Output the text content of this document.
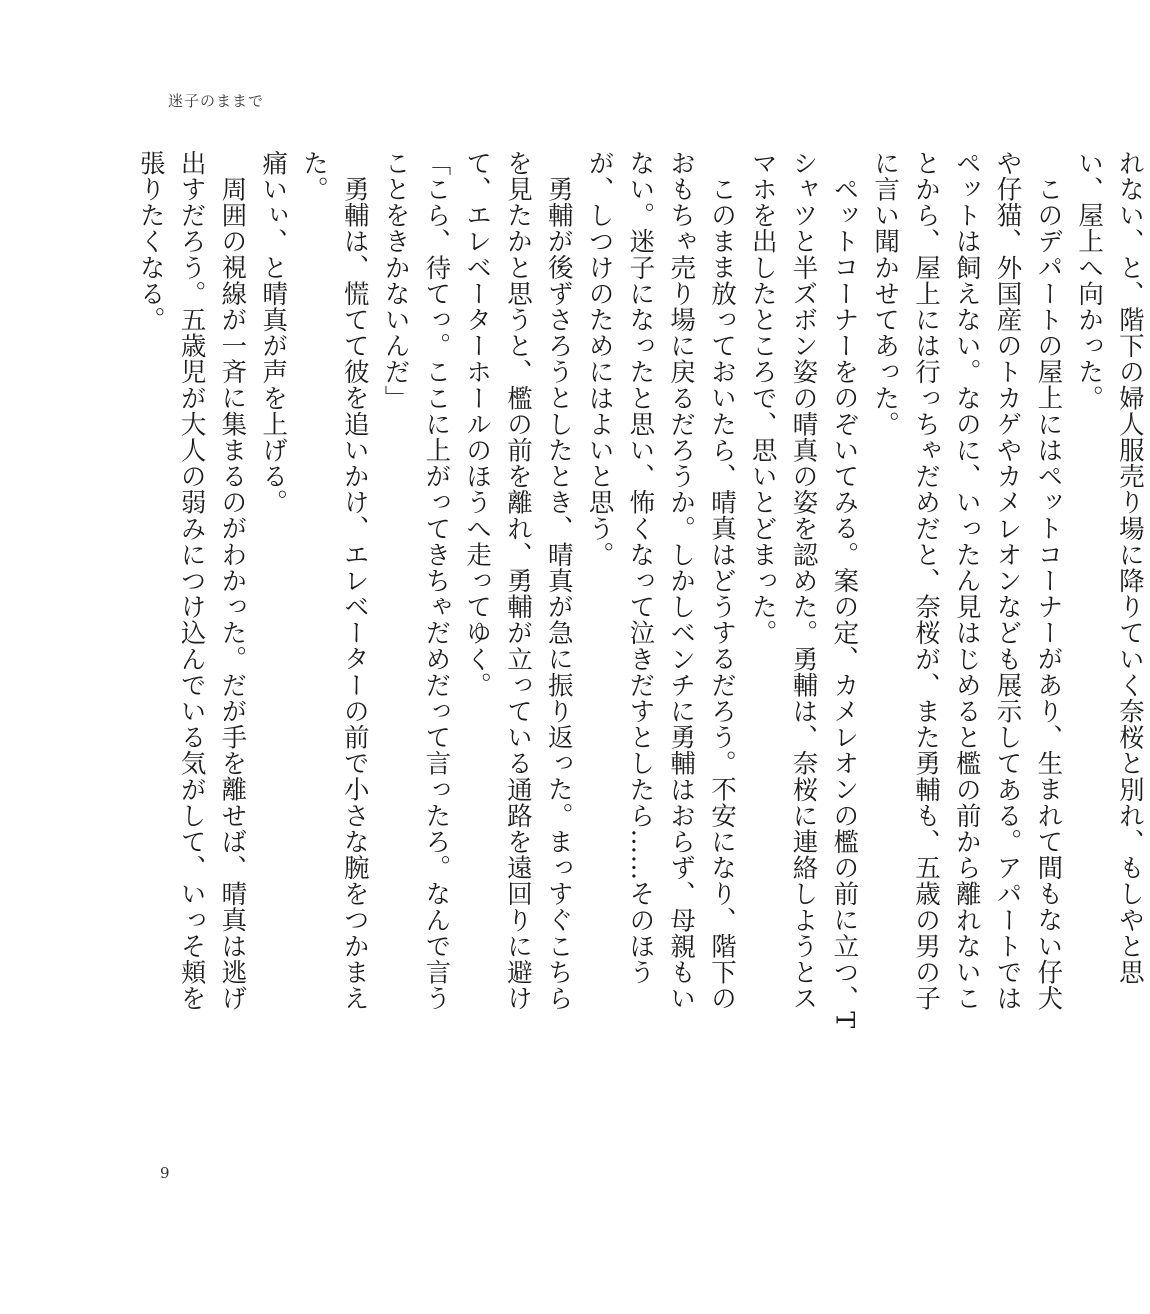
迷子のままで

れない、と、階下の婦人服売り場に降りていく奈桜と別れ、もしやと思い、屋上へ向かった。

このデパートの屋上にはペットコーナーがあり、生まれて間もない仔犬や仔猫、外国産のトカゲやカメレオンなども展示してある。アパートではペットは飼えない。なのに、いったん見はじめると檻の前から離れないことから、屋上には行っちゃだめだと、奈桜が、また勇輔も、五歳の男の子に言い聞かせてあった。

ペットコーナーをのぞいてみる。案の定、カメレオンの檻の前に立つ、Tシャツと半ズボン姿の晴真の姿を認めた。勇輔は、奈桜に連絡しようとスマホを出したところで、思いとどまった。

このまま放っておいたら、晴真はどうするだろう。不安になり、階下のおもちゃ売り場に戻るだろうか。しかしベンチに勇輔はおらず、母親もいない。迷子になったと思い、怖くなって泣きだすとしたら……そのほうが、しつけのためにはよいと思う。

勇輔が後ずさろうとしたとき、晴真が急に振り返った。まっすぐこちらを見たかと思うと、檻の前を離れ、勇輔が立っている通路を遠回りに避けて、エレベーターホールのほうへ走ってゆく。

「こら、待てっ。ここに上がってきちゃだめだって言ったろ。なんで言うことをきかないんだ」

勇輔は、慌てて彼を追いかけ、エレベーターの前で小さな腕をつかまえた。

痛いぃ、と晴真が声を上げる。

周囲の視線が一斉に集まるのがわかった。だが手を離せば、晴真は逃げ出すだろう。五歳児が大人の弱みにつけ込んでいる気がして、いっそ頬を張りたくなる。

9
